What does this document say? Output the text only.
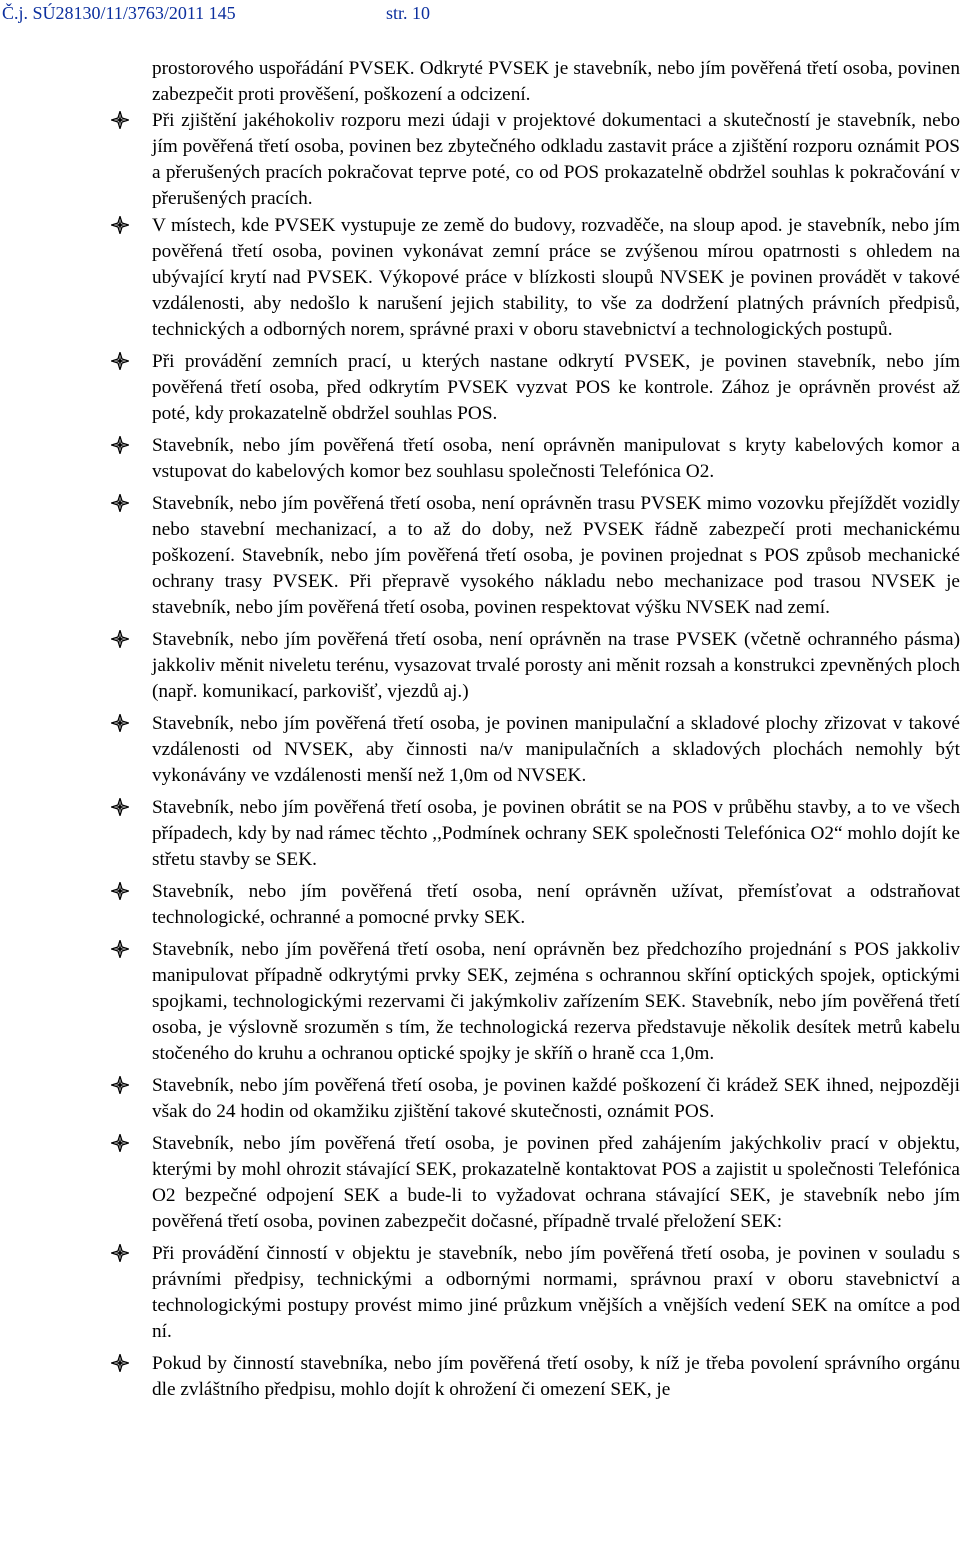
Č.j. SÚ28130/11/3763/2011 145	str. 10

prostorového uspořádání PVSEK. Odkryté PVSEK je stavebník, nebo jím pověřená třetí osoba, povinen zabezpečit proti prověšení, poškození a odcizení.

Při zjištění jakéhokoliv rozporu mezi údaji v projektové dokumentaci a skutečností je stavebník, nebo jím pověřená třetí osoba, povinen bez zbytečného odkladu zastavit práce a zjištění rozporu oznámit POS a přerušených pracích pokračovat teprve poté, co od POS prokazatelně obdržel souhlas k pokračování v přerušených pracích.
V místech, kde PVSEK vystupuje ze země do budovy, rozvaděče, na sloup apod. je stavebník, nebo jím pověřená třetí osoba, povinen vykonávat zemní práce se zvýšenou mírou opatrnosti s ohledem na ubývající krytí nad PVSEK. Výkopové práce v blízkosti sloupů NVSEK je povinen provádět v takové vzdálenosti, aby nedošlo k narušení jejich stability, to vše za dodržení platných právních předpisů, technických a odborných norem, správné praxi v oboru stavebnictví a technologických postupů.
Při provádění zemních prací, u kterých nastane odkrytí PVSEK, je povinen stavebník, nebo jím pověřená třetí osoba, před odkrytím PVSEK vyzvat POS ke kontrole. Zához je oprávněn provést až poté, kdy prokazatelně obdržel souhlas POS.
Stavebník, nebo jím pověřená třetí osoba, není oprávněn manipulovat s kryty kabelových komor a vstupovat do kabelových komor bez souhlasu společnosti Telefónica O2.
Stavebník, nebo jím pověřená třetí osoba, není oprávněn trasu PVSEK mimo vozovku přejíždět vozidly nebo stavební mechanizací, a to až do doby, než PVSEK řádně zabezpečí proti mechanickému poškození. Stavebník, nebo jím pověřená třetí osoba, je povinen projednat s POS způsob mechanické ochrany trasy PVSEK. Při přepravě vysokého nákladu nebo mechanizace pod trasou NVSEK je stavebník, nebo jím pověřená třetí osoba, povinen respektovat výšku NVSEK nad zemí.
Stavebník, nebo jím pověřená třetí osoba, není oprávněn na trase PVSEK (včetně ochranného pásma) jakkoliv měnit niveletu terénu, vysazovat trvalé porosty ani měnit rozsah a konstrukci zpevněných ploch (např. komunikací, parkovišť, vjezdů aj.)
Stavebník, nebo jím pověřená třetí osoba, je povinen manipulační a skladové plochy zřizovat v takové vzdálenosti od NVSEK, aby činnosti na/v manipulačních a skladových plochách nemohly být vykonávány ve vzdálenosti menší než 1,0m od NVSEK.
Stavebník, nebo jím pověřená třetí osoba, je povinen obrátit se na POS v průběhu stavby, a to ve všech případech, kdy by nad rámec těchto ,,Podmínek ochrany SEK společnosti Telefónica O2“ mohlo dojít ke střetu stavby se SEK.
Stavebník, nebo jím pověřená třetí osoba, není oprávněn užívat, přemísťovat a odstraňovat technologické, ochranné a pomocné prvky SEK.
Stavebník, nebo jím pověřená třetí osoba, není oprávněn bez předchozího projednání s POS jakkoliv manipulovat případně odkrytými prvky SEK, zejména s ochrannou skříní optických spojek, optickými spojkami, technologickými rezervami či jakýmkoliv zařízením SEK. Stavebník, nebo jím pověřená třetí osoba, je výslovně srozuměn s tím, že technologická rezerva představuje několik desítek metrů kabelu stočeného do kruhu a ochranou optické spojky je skříň o hraně cca 1,0m.
Stavebník, nebo jím pověřená třetí osoba, je povinen každé poškození či krádež SEK ihned, nejpozději však do 24 hodin od okamžiku zjištění takové skutečnosti, oznámit POS.
Stavebník, nebo jím pověřená třetí osoba, je povinen před zahájením jakýchkoliv prací v objektu, kterými by mohl ohrozit stávající SEK, prokazatelně kontaktovat POS a zajistit u společnosti Telefónica O2 bezpečné odpojení SEK a bude-li to vyžadovat ochrana stávající SEK, je stavebník nebo jím pověřená třetí osoba, povinen zabezpečit dočasné, případně trvalé přeložení SEK:
Při provádění činností v objektu je stavebník, nebo jím pověřená třetí osoba, je povinen v souladu s právními předpisy, technickými a odbornými normami, správnou praxí v oboru stavebnictví a technologickými postupy provést mimo jiné průzkum vnějších a vnějších vedení SEK na omítce a pod ní.
Pokud by činností stavebníka, nebo jím pověřená třetí osoby, k níž je třeba povolení správního orgánu dle zvláštního předpisu, mohlo dojít k ohrožení či omezení SEK, je
